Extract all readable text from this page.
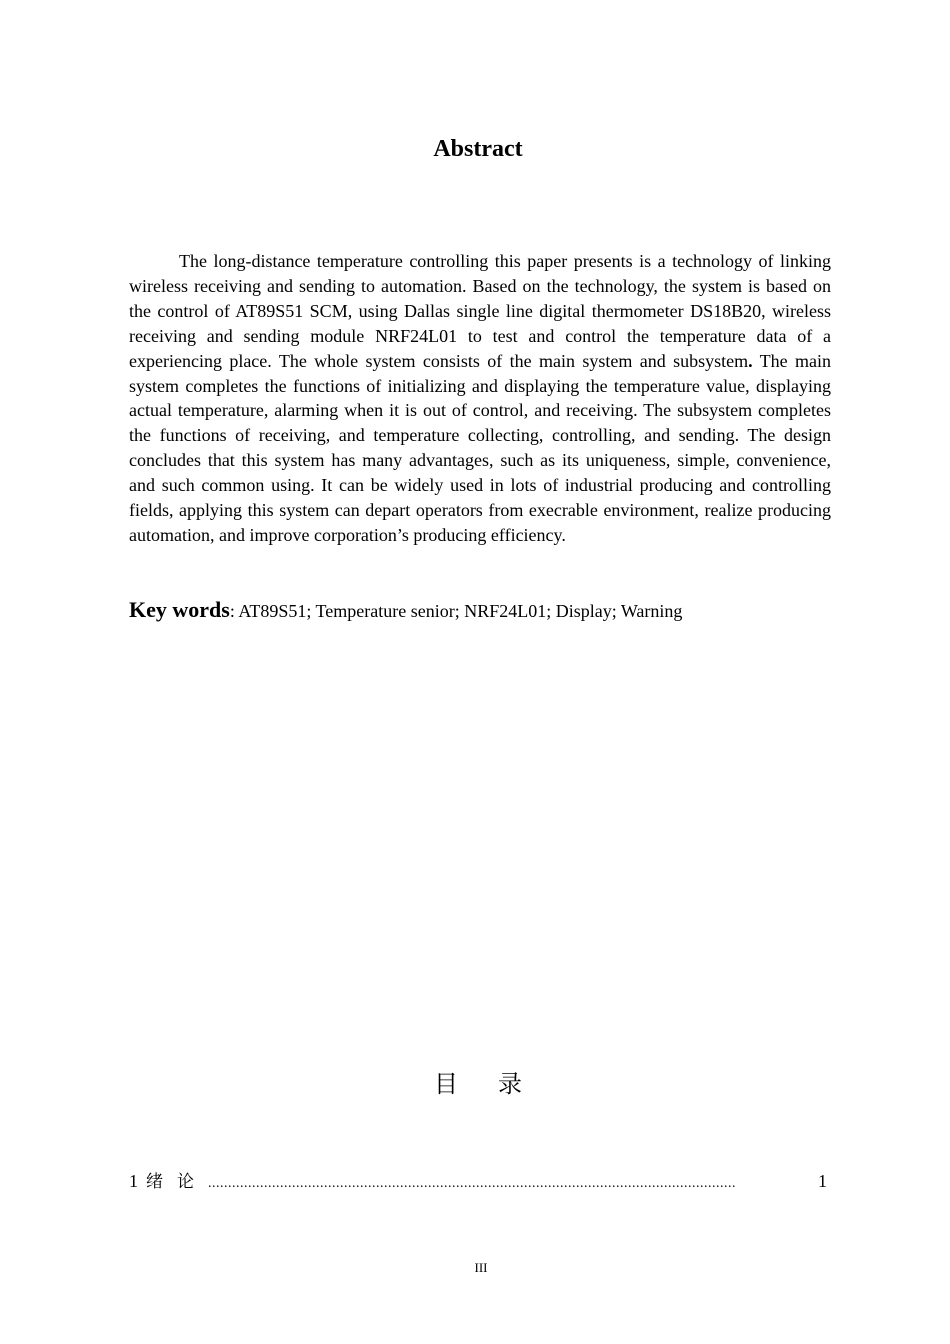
Abstract

The long-distance temperature controlling this paper presents is a technology of linking wireless receiving and sending to automation. Based on the technology, the system is based on the control of AT89S51 SCM, using Dallas single line digital thermometer DS18B20, wireless receiving and sending module NRF24L01 to test and control the temperature data of a experiencing place. The whole system consists of the main system and subsystem. The main system completes the functions of initializing and displaying the temperature value, displaying actual temperature, alarming when it is out of control, and receiving. The subsystem completes the functions of receiving, and temperature collecting, controlling, and sending. The design concludes that this system has many advantages, such as its uniqueness, simple, convenience, and such common using. It can be widely used in lots of industrial producing and controlling fields, applying this system can depart operators from execrable environment, realize producing automation, and improve corporation’s producing efficiency.

Key words: AT89S51; Temperature senior; NRF24L01; Display; Warning

目录
1 绪论 ....................................................................................................................................	1
III
